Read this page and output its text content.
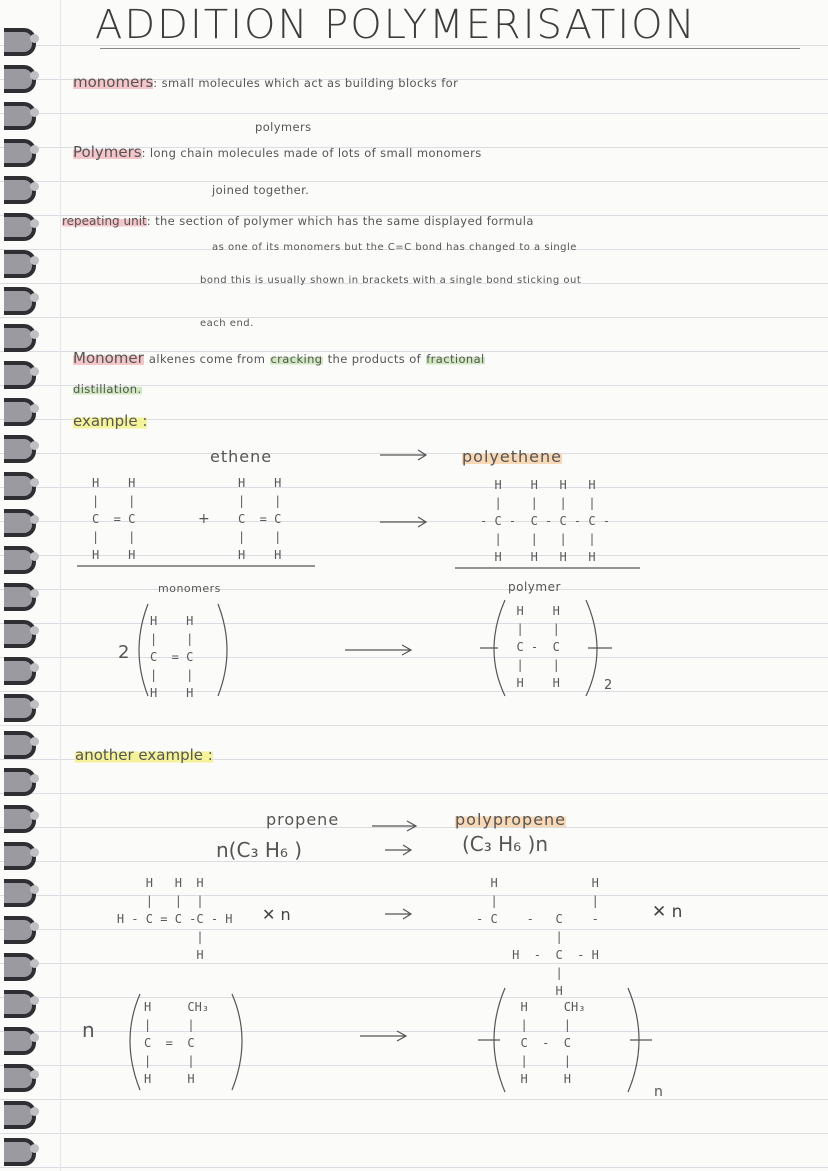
ADDITION POLYMERISATION
monomers: small molecules which act as building blocks for
polymers
Polymers: long chain molecules made of lots of small monomers
joined together.
repeating unit: the section of polymer which has the same displayed formula
as one of its monomers but the C=C bond has changed to a single
bond this is usually shown in brackets with a single bond sticking out
each end.
Monomer alkenes come from cracking the products of fractional
distillation.
example :
ethene	polyethene
H    H
|    |
C  = C
|    |
H    H
+
H    H
|    |
C  = C
|    |
H    H
H    H   H   H
|    |   |   |
- C -  C - C - C -
|    |   |   |
H    H   H   H
monomers	polymer
2
H    H
|    |
C  = C
|    |
H    H
H    H
|    |
C -  C
|    |
H    H	2
another example :
propene	polypropene
n(C₃ H₆ )	(C₃ H₆ )n
H   H  H
|   |  |
H - C = C -C - H
|
H
✕ n
H             H
|             |
- C    -   C    -
|
H  -  C  - H
|
H
✕ n
n
H     CH₃
|     |
C  =  C
|     |
H     H
H     CH₃
|     |
C  -  C
|     |
H     H
n
